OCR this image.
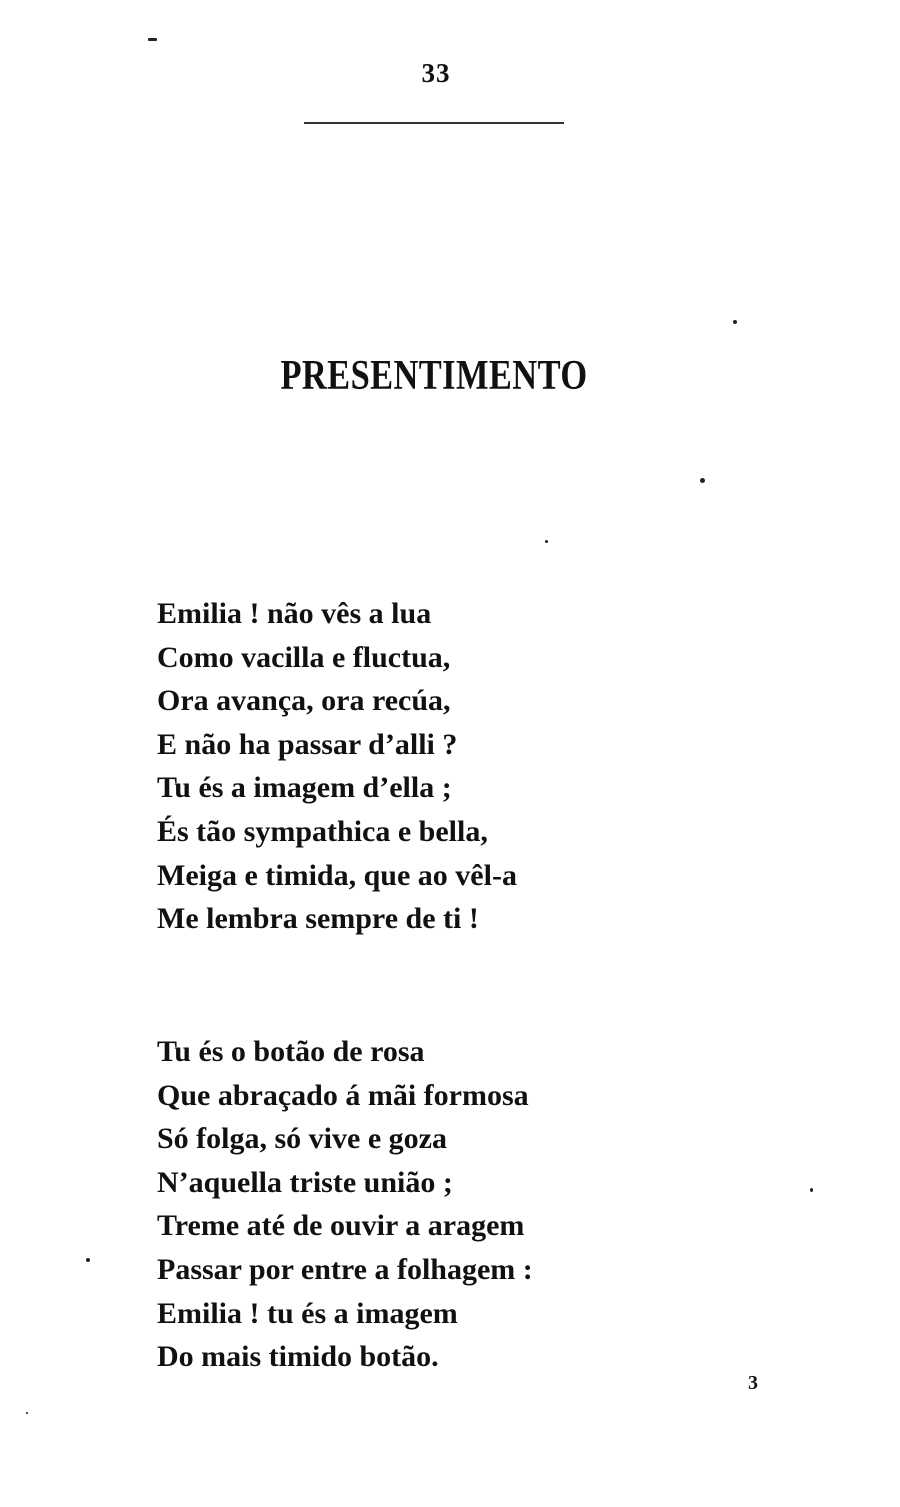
33
PRESENTIMENTO
Emilia ! não vês a lua
Como vacilla e fluctua,
Ora avança, ora recúa,
E não ha passar d’alli ?
Tu és a imagem d’ella ;
És tão sympathica e bella,
Meiga e timida, que ao vêl-a
Me lembra sempre de ti !
Tu és o botão de rosa
Que abraçado á mãi formosa
Só folga, só vive e goza
N’aquella triste união ;
Treme até de ouvir a aragem
Passar por entre a folhagem :
Emilia ! tu és a imagem
Do mais timido botão.
3
